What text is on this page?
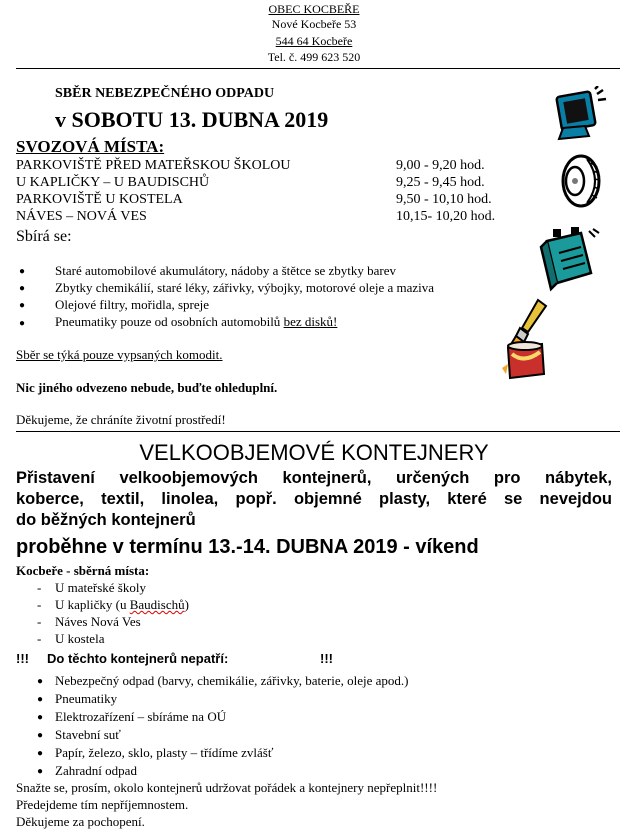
OBEC KOCBEŘE
Nové Kocbeře 53
544 64 Kocbeře
Tel. č. 499 623 520
SBĚR NEBEZPEČNÉHO ODPADU
v SOBOTU 13. DUBNA 2019
SVOZOVÁ MÍSTA:
PARKOVIŠTĚ PŘED MATEŘSKOU ŠKOLOU	9,00 - 9,20 hod.
U KAPLIČKY – U BAUDISCHŮ	9,25 - 9,45 hod.
PARKOVIŠTĚ U KOSTELA	9,50 - 10,10 hod.
NÁVES – NOVÁ VES	10,15- 10,20 hod.
Sbírá se:
● Staré automobilové akumulátory, nádoby a štětce se zbytky barev
● Zbytky chemikálií, staré léky, zářivky, výbojky, motorové oleje a maziva
● Olejové filtry, mořidla, spreje
● Pneumatiky pouze od osobních automobilů bez disků!
Sběr se týká pouze vypsaných komodit.
Nic jiného odvezeno nebude, buďte ohleduplní.
Děkujeme, že chráníte životní prostředí!
VELKOOBJEMOVÉ KONTEJNERY
Přistavení velkoobjemových kontejnerů, určených pro nábytek,
koberce, textil, linolea, popř. objemné plasty, které se nevejdou
do běžných kontejnerů
proběhne v termínu 13.-14. DUBNA 2019 - víkend
Kocbeře - sběrná místa:
- U mateřské školy
- U kapličky (u Baudischů)
- Náves Nová Ves
- U kostela
!!! Do těchto kontejnerů nepatří:	!!!
● Nebezpečný odpad (barvy, chemikálie, zářivky, baterie, oleje apod.)
● Pneumatiky
● Elektrozařízení – sbíráme na OÚ
● Stavební suť
● Papír, železo, sklo, plasty – třídíme zvlášť
● Zahradní odpad
Snažte se, prosím, okolo kontejnerů udržovat pořádek a kontejnery nepřeplnit!!!!
Předejdeme tím nepříjemnostem.
Děkujeme za pochopení.
